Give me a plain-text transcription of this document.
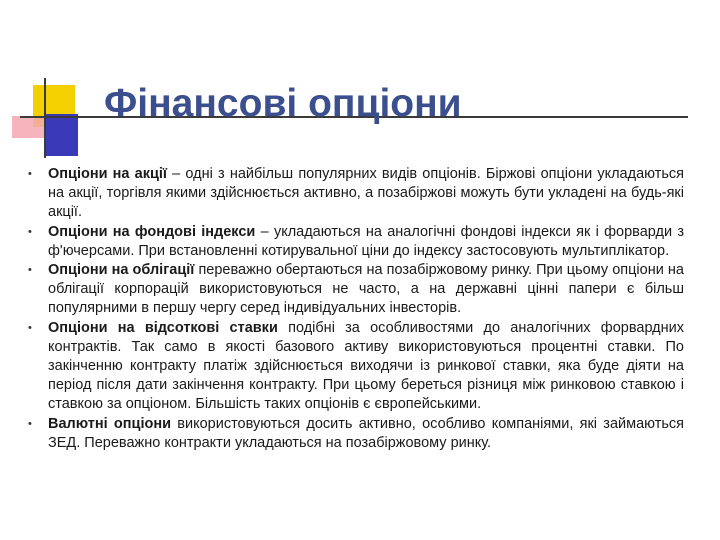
Фінансові опціони
• Опціони на акції – одні з найбільш популярних видів опціонів. Біржові опціони укладаються на акції, торгівля якими здійснюється активно, а позабіржові можуть бути укладені на будь-які акції.
• Опціони на фондові індекси – укладаються на аналогічні фондові індекси як і форварди з ф'ючерсами. При встановленні котирувальної ціни до індексу застосовують мультиплікатор.
• Опціони на облігації переважно обертаються на позабіржовому ринку. При цьому опціони на облігації корпорацій використовуються не часто, а на державні цінні папери є більш популярними в першу чергу серед індивідуальних інвесторів.
• Опціони на відсоткові ставки подібні за особливостями до аналогічних форвардних контрактів. Так само в якості базового активу використовуються процентні ставки. По закінченню контракту платіж здійснюється виходячи із ринкової ставки, яка буде діяти на період після дати закінчення контракту. При цьому береться різниця між ринковою ставкою і ставкою за опціоном. Більшість таких опціонів є європейськими.
• Валютні опціони використовуються досить активно, особливо компаніями, які займаються ЗЕД. Переважно контракти укладаються на позабіржовому ринку.
